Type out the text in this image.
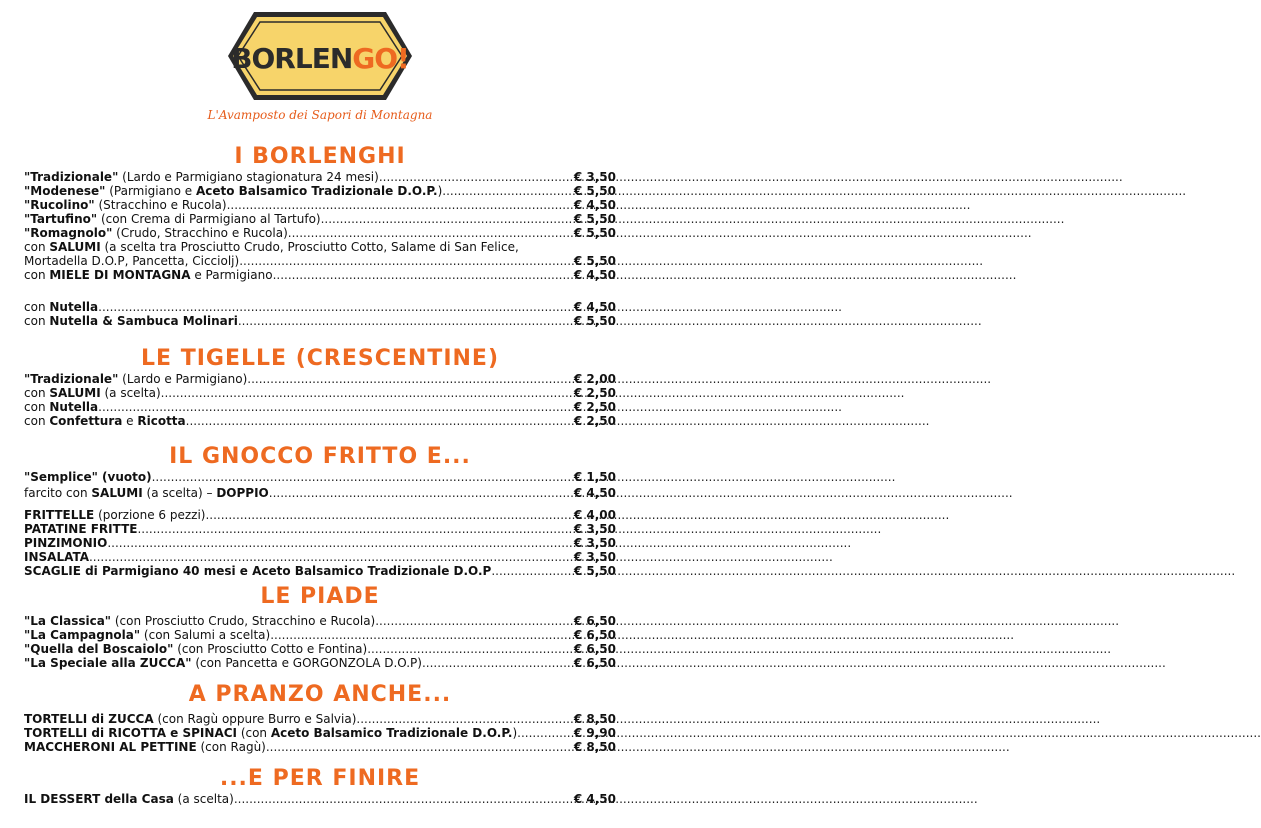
BORLENGO!
L'Avamposto dei Sapori di Montagna
I BORLENGHI
"Tradizionale" (Lardo e Parmigiano stagionatura 24 mesi) .....	€ 3,50
"Modenese" (Parmigiano e Aceto Balsamico Tradizionale D.O.P.) .....	€ 5,50
"Rucolino" (Stracchino e Rucola) .....	€ 4,50
"Tartufino" (con Crema di Parmigiano al Tartufo) .....	€ 5,50
"Romagnolo" (Crudo, Stracchino e Rucola) .....	€ 5,50
con SALUMI (a scelta tra Prosciutto Crudo, Prosciutto Cotto, Salame di San Felice,
Mortadella D.O.P, Pancetta, Cicciolj) .....	€ 5,50
con MIELE DI MONTAGNA e Parmigiano .....	€ 4,50
con Nutella .....	€ 4,50
con Nutella & Sambuca Molinari .....	€ 5,50
LE TIGELLE (CRESCENTINE)
"Tradizionale" (Lardo e Parmigiano) .....	€ 2,00
con SALUMI (a scelta) .....	€ 2,50
con Nutella .....	€ 2,50
con Confettura e Ricotta .....	€ 2,50
IL GNOCCO FRITTO E...
"Semplice" (vuoto) .....	€ 1,50
farcito con SALUMI (a scelta) – DOPPIO .....	€ 4,50
FRITTELLE (porzione 6 pezzi) .....	€ 4,00
PATATINE FRITTE .....	€ 3,50
PINZIMONIO .....	€ 3,50
INSALATA .....	€ 3,50
SCAGLIE di Parmigiano 40 mesi e Aceto Balsamico Tradizionale D.O.P .....	€ 5,50
LE PIADE
"La Classica" (con Prosciutto Crudo, Stracchino e Rucola) .....	€ 6,50
"La Campagnola" (con Salumi a scelta) .....	€ 6,50
"Quella del Boscaiolo" (con Prosciutto Cotto e Fontina) .....	€ 6,50
"La Speciale alla ZUCCA" (con Pancetta e GORGONZOLA D.O.P) .....	€ 6,50
A PRANZO ANCHE...
TORTELLI di ZUCCA (con Ragù oppure Burro e Salvia) .....	€ 8,50
TORTELLI di RICOTTA e SPINACI (con Aceto Balsamico Tradizionale D.O.P.) .....	€ 9,90
MACCHERONI AL PETTINE (con Ragù) .....	€ 8,50
...E PER FINIRE
IL DESSERT della Casa (a scelta) .....	€ 4,50
